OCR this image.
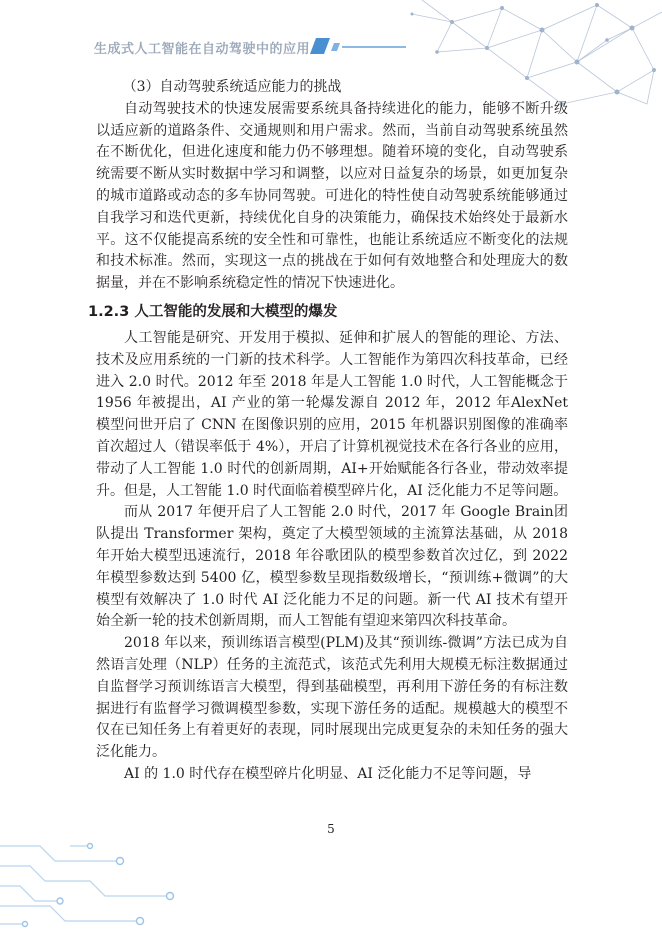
生成式人工智能在自动驾驶中的应用

（3）自动驾驶系统适应能力的挑战

自动驾驶技术的快速发展需要系统具备持续进化的能力，能够不断升级以适应新的道路条件、交通规则和用户需求。然而，当前自动驾驶系统虽然在不断优化，但进化速度和能力仍不够理想。随着环境的变化，自动驾驶系统需要不断从实时数据中学习和调整，以应对日益复杂的场景，如更加复杂的城市道路或动态的多车协同驾驶。可进化的特性使自动驾驶系统能够通过自我学习和迭代更新，持续优化自身的决策能力，确保技术始终处于最新水平。这不仅能提高系统的安全性和可靠性，也能让系统适应不断变化的法规和技术标准。然而，实现这一点的挑战在于如何有效地整合和处理庞大的数据量，并在不影响系统稳定性的情况下快速进化。

1.2.3 人工智能的发展和大模型的爆发

人工智能是研究、开发用于模拟、延伸和扩展人的智能的理论、方法、技术及应用系统的一门新的技术科学。人工智能作为第四次科技革命，已经进入 2.0 时代。2012 年至 2018 年是人工智能 1.0 时代，人工智能概念于 1956 年被提出，AI 产业的第一轮爆发源自 2012 年，2012 年AlexNet 模型问世开启了 CNN 在图像识别的应用，2015 年机器识别图像的准确率首次超过人（错误率低于 4%），开启了计算机视觉技术在各行各业的应用，带动了人工智能 1.0 时代的创新周期，AI+开始赋能各行各业，带动效率提升。但是，人工智能 1.0 时代面临着模型碎片化，AI 泛化能力不足等问题。

而从 2017 年便开启了人工智能 2.0 时代，2017 年 Google Brain团队提出 Transformer 架构，奠定了大模型领域的主流算法基础，从 2018 年开始大模型迅速流行，2018 年谷歌团队的模型参数首次过亿，到 2022 年模型参数达到 5400 亿，模型参数呈现指数级增长，“预训练+微调”的大模型有效解决了 1.0 时代 AI 泛化能力不足的问题。新一代 AI 技术有望开始全新一轮的技术创新周期，而人工智能有望迎来第四次科技革命。

2018 年以来，预训练语言模型(PLM)及其“预训练-微调”方法已成为自然语言处理（NLP）任务的主流范式，该范式先利用大规模无标注数据通过自监督学习预训练语言大模型，得到基础模型，再利用下游任务的有标注数据进行有监督学习微调模型参数，实现下游任务的适配。规模越大的模型不仅在已知任务上有着更好的表现，同时展现出完成更复杂的未知任务的强大泛化能力。

AI 的 1.0 时代存在模型碎片化明显、AI 泛化能力不足等问题，导

5
